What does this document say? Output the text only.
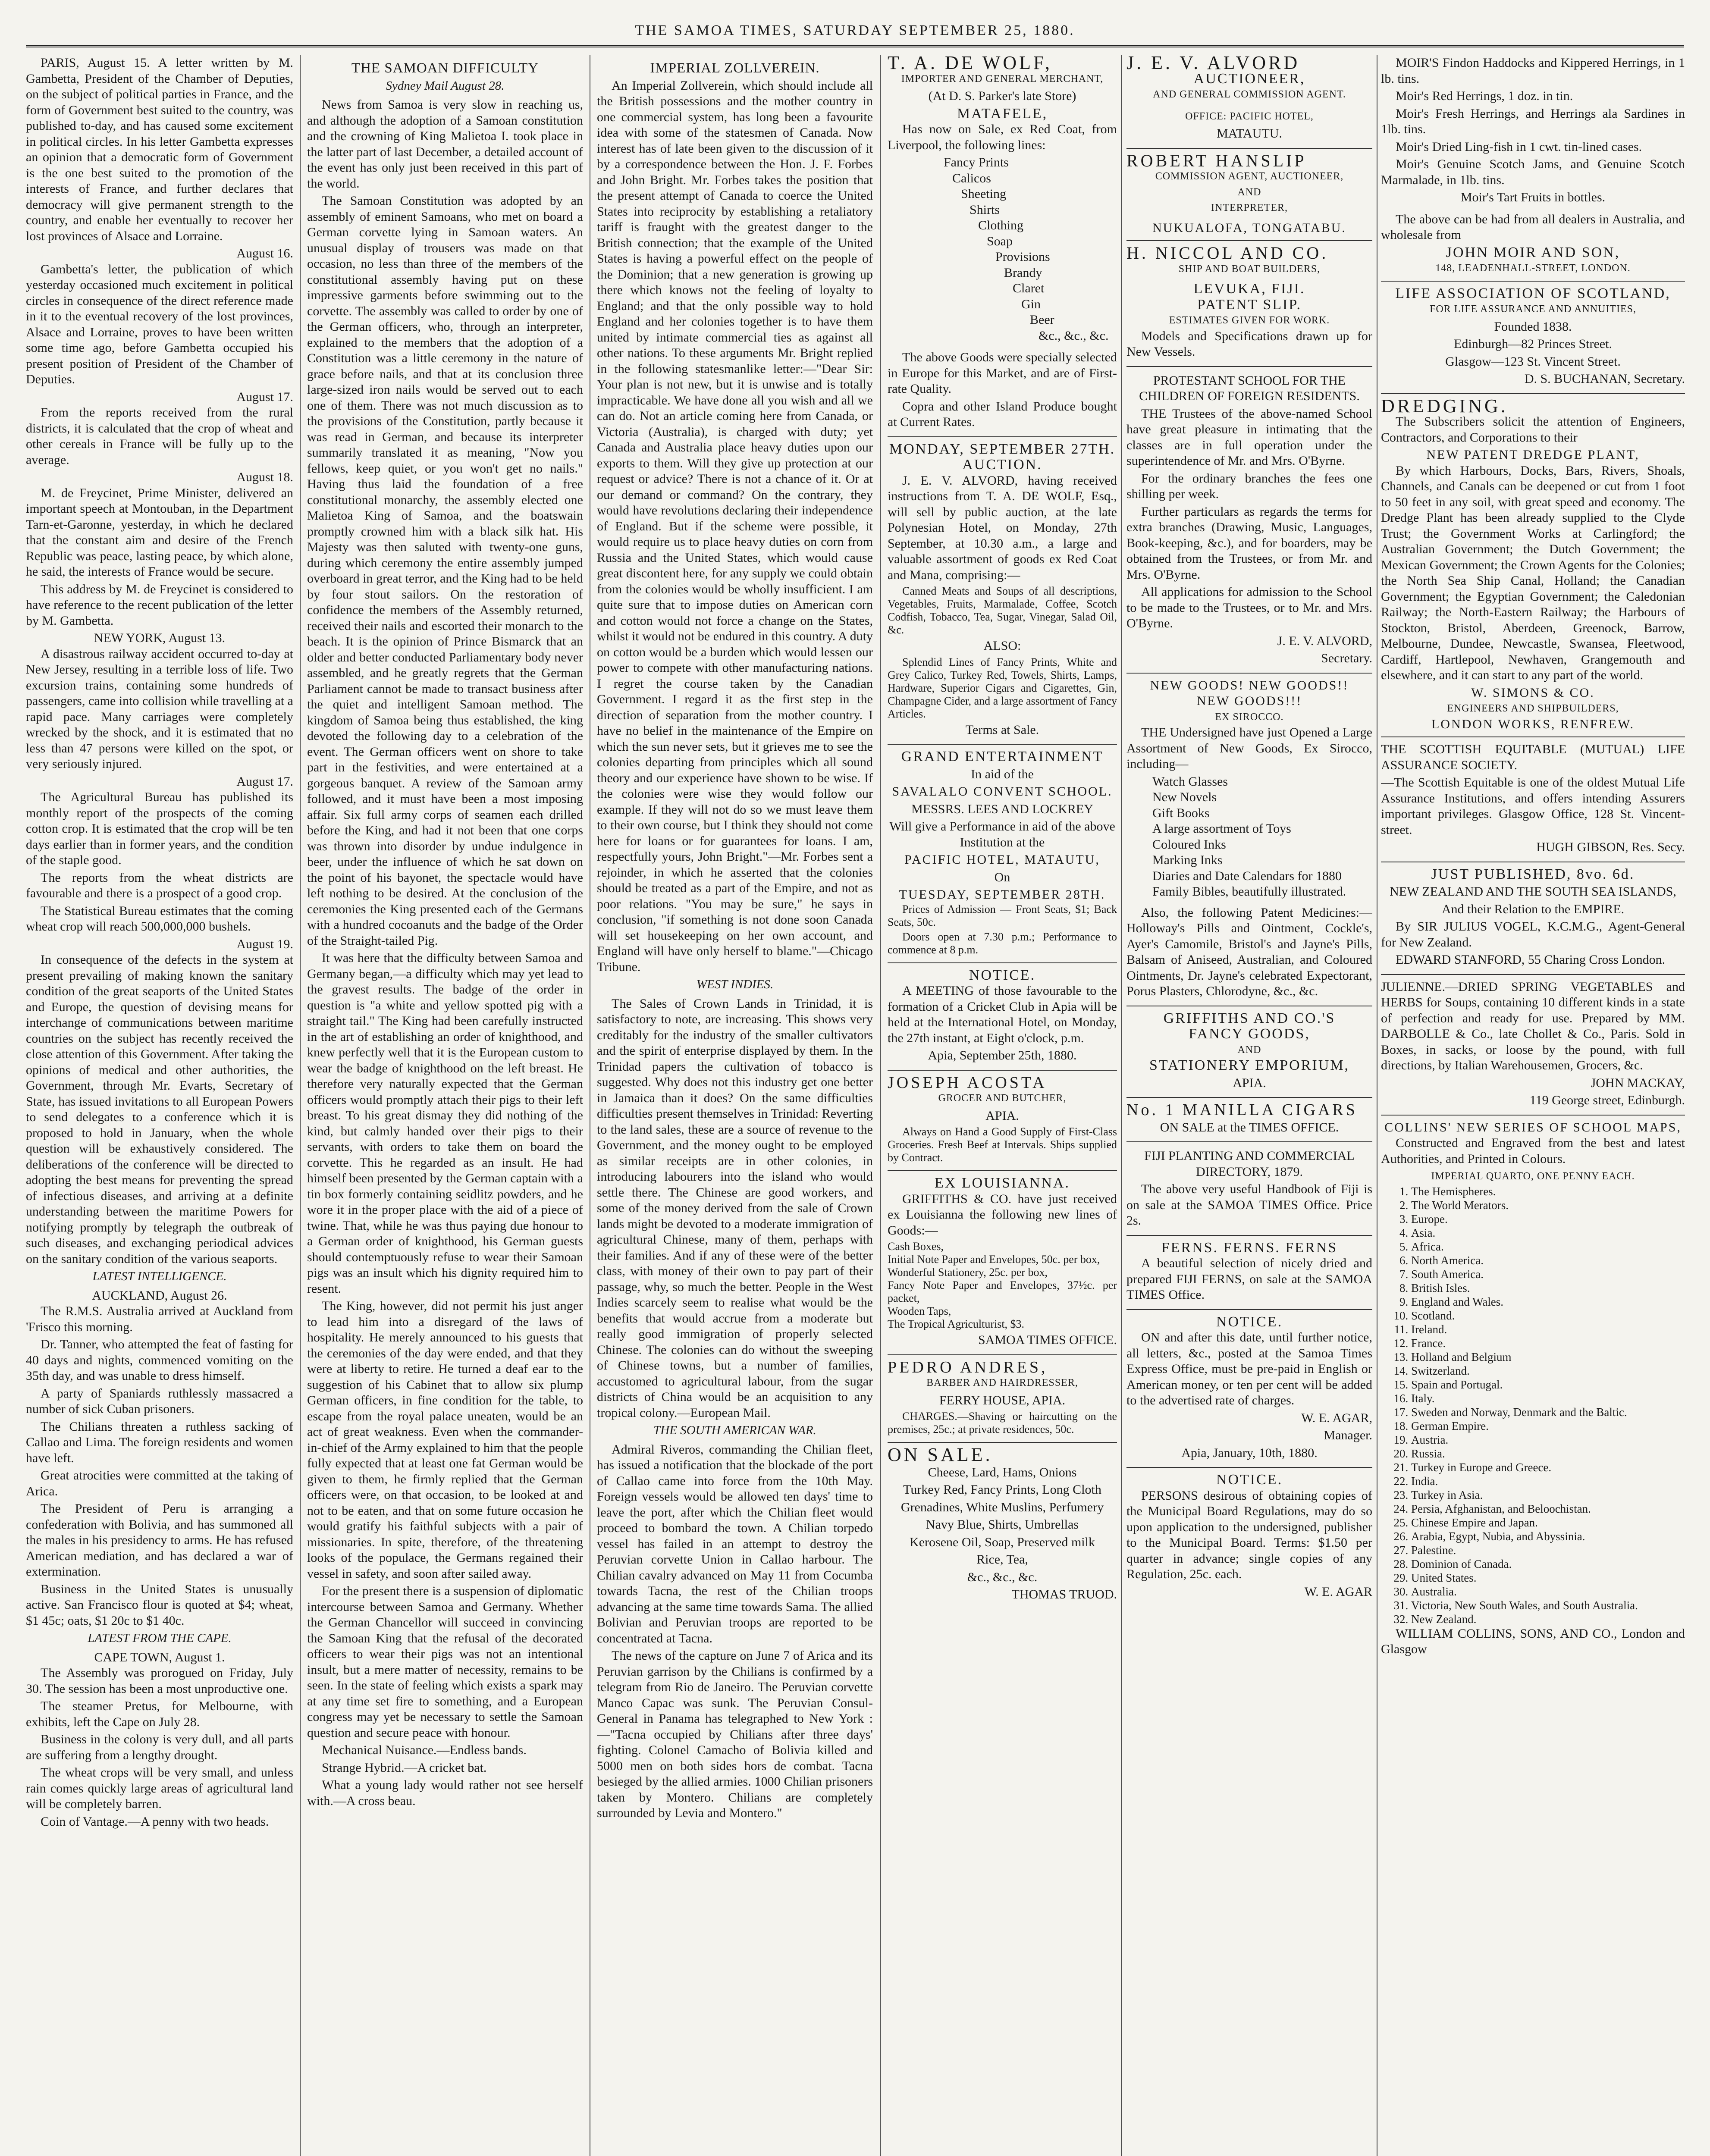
THE SAMOA TIMES, SATURDAY SEPTEMBER 25, 1880.

PARIS, August 15. A letter written by M. Gambetta, President of the Chamber of Deputies, on the subject of political parties in France, and the form of Government best suited to the country, was published to-day, and has caused some excitement in political circles. In his letter Gambetta expresses an opinion that a democratic form of Government is the one best suited to the promotion of the interests of France, and further declares that democracy will give permanent strength to the country, and enable her eventually to recover her lost provinces of Alsace and Lorraine.

August 16.

Gambetta's letter, the publication of which yesterday occasioned much excitement in political circles in consequence of the direct reference made in it to the eventual recovery of the lost provinces, Alsace and Lorraine, proves to have been written some time ago, before Gambetta occupied his present position of President of the Chamber of Deputies.

August 17.

From the reports received from the rural districts, it is calculated that the crop of wheat and other cereals in France will be fully up to the average.

August 18.

M. de Freycinet, Prime Minister, delivered an important speech at Montouban, in the Department Tarn-et-Garonne, yesterday, in which he declared that the constant aim and desire of the French Republic was peace, lasting peace, by which alone, he said, the interests of France would be secure.

This address by M. de Freycinet is considered to have reference to the recent publication of the letter by M. Gambetta.

NEW YORK, August 13.

A disastrous railway accident occurred to-day at New Jersey, resulting in a terrible loss of life. Two excursion trains, containing some hundreds of passengers, came into collision while travelling at a rapid pace. Many carriages were completely wrecked by the shock, and it is estimated that no less than 47 persons were killed on the spot, or very seriously injured.

August 17.

The Agricultural Bureau has published its monthly report of the prospects of the coming cotton crop. It is estimated that the crop will be ten days earlier than in former years, and the condition of the staple good.

The reports from the wheat districts are favourable and there is a prospect of a good crop.

The Statistical Bureau estimates that the coming wheat crop will reach 500,000,000 bushels.

August 19.

In consequence of the defects in the system at present prevailing of making known the sanitary condition of the great seaports of the United States and Europe, the question of devising means for interchange of communications between maritime countries on the subject has recently received the close attention of this Government. After taking the opinions of medical and other authorities, the Government, through Mr. Evarts, Secretary of State, has issued invitations to all European Powers to send delegates to a conference which it is proposed to hold in January, when the whole question will be exhaustively considered. The deliberations of the conference will be directed to adopting the best means for preventing the spread of infectious diseases, and arriving at a definite understanding between the maritime Powers for notifying promptly by telegraph the outbreak of such diseases, and exchanging periodical advices on the sanitary condition of the various seaports.

LATEST INTELLIGENCE.

AUCKLAND, August 26.

The R.M.S. Australia arrived at Auckland from 'Frisco this morning.

Dr. Tanner, who attempted the feat of fasting for 40 days and nights, commenced vomiting on the 35th day, and was unable to dress himself.

A party of Spaniards ruthlessly massacred a number of sick Cuban prisoners.

The Chilians threaten a ruthless sacking of Callao and Lima. The foreign residents and women have left.

Great atrocities were committed at the taking of Arica.

The President of Peru is arranging a confederation with Bolivia, and has summoned all the males in his presidency to arms. He has refused American mediation, and has declared a war of extermination.

Business in the United States is unusually active. San Francisco flour is quoted at $4; wheat, $1 45c; oats, $1 20c to $1 40c.

LATEST FROM THE CAPE.

CAPE TOWN, August 1.

The Assembly was prorogued on Friday, July 30. The session has been a most unproductive one.

The steamer Pretus, for Melbourne, with exhibits, left the Cape on July 28.

Business in the colony is very dull, and all parts are suffering from a lengthy drought.

The wheat crops will be very small, and unless rain comes quickly large areas of agricultural land will be completely barren.

Coin of Vantage.—A penny with two heads.

THE SAMOAN DIFFICULTY
Sydney Mail August 28.

News from Samoa is very slow in reaching us, and although the adoption of a Samoan constitution and the crowning of King Malietoa I. took place in the latter part of last December, a detailed account of the event has only just been received in this part of the world.

The Samoan Constitution was adopted by an assembly of eminent Samoans, who met on board a German corvette lying in Samoan waters. An unusual display of trousers was made on that occasion, no less than three of the members of the constitutional assembly having put on these impressive garments before swimming out to the corvette. The assembly was called to order by one of the German officers, who, through an interpreter, explained to the members that the adoption of a Constitution was a little ceremony in the nature of grace before nails, and that at its conclusion three large-sized iron nails would be served out to each one of them. There was not much discussion as to the provisions of the Constitution, partly because it was read in German, and because its interpreter summarily translated it as meaning, "Now you fellows, keep quiet, or you won't get no nails." Having thus laid the foundation of a free constitutional monarchy, the assembly elected one Malietoa King of Samoa, and the boatswain promptly crowned him with a black silk hat. His Majesty was then saluted with twenty-one guns, during which ceremony the entire assembly jumped overboard in great terror, and the King had to be held by four stout sailors. On the restoration of confidence the members of the Assembly returned, received their nails and escorted their monarch to the beach. It is the opinion of Prince Bismarck that an older and better conducted Parliamentary body never assembled, and he greatly regrets that the German Parliament cannot be made to transact business after the quiet and intelligent Samoan method. The kingdom of Samoa being thus established, the king devoted the following day to a celebration of the event. The German officers went on shore to take part in the festivities, and were entertained at a gorgeous banquet. A review of the Samoan army followed, and it must have been a most imposing affair. Six full army corps of seamen each drilled before the King, and had it not been that one corps was thrown into disorder by undue indulgence in beer, under the influence of which he sat down on the point of his bayonet, the spectacle would have left nothing to be desired. At the conclusion of the ceremonies the King presented each of the Germans with a hundred cocoanuts and the badge of the Order of the Straight-tailed Pig.

It was here that the difficulty between Samoa and Germany began,—a difficulty which may yet lead to the gravest results. The badge of the order in question is "a white and yellow spotted pig with a straight tail." The King had been carefully instructed in the art of establishing an order of knighthood, and knew perfectly well that it is the European custom to wear the badge of knighthood on the left breast. He therefore very naturally expected that the German officers would promptly attach their pigs to their left breast. To his great dismay they did nothing of the kind, but calmly handed over their pigs to their servants, with orders to take them on board the corvette. This he regarded as an insult. He had himself been presented by the German captain with a tin box formerly containing seidlitz powders, and he wore it in the proper place with the aid of a piece of twine. That, while he was thus paying due honour to a German order of knighthood, his German guests should contemptuously refuse to wear their Samoan pigs was an insult which his dignity required him to resent.

The King, however, did not permit his just anger to lead him into a disregard of the laws of hospitality. He merely announced to his guests that the ceremonies of the day were ended, and that they were at liberty to retire. He turned a deaf ear to the suggestion of his Cabinet that to allow six plump German officers, in fine condition for the table, to escape from the royal palace uneaten, would be an act of great weakness. Even when the commander-in-chief of the Army explained to him that the people fully expected that at least one fat German would be given to them, he firmly replied that the German officers were, on that occasion, to be looked at and not to be eaten, and that on some future occasion he would gratify his faithful subjects with a pair of missionaries. In spite, therefore, of the threatening looks of the populace, the Germans regained their vessel in safety, and soon after sailed away.

For the present there is a suspension of diplomatic intercourse between Samoa and Germany. Whether the German Chancellor will succeed in convincing the Samoan King that the refusal of the decorated officers to wear their pigs was not an intentional insult, but a mere matter of necessity, remains to be seen. In the state of feeling which exists a spark may at any time set fire to something, and a European congress may yet be necessary to settle the Samoan question and secure peace with honour.

Mechanical Nuisance.—Endless bands.

Strange Hybrid.—A cricket bat.

What a young lady would rather not see herself with.—A cross beau.

IMPERIAL ZOLLVEREIN.

An Imperial Zollverein, which should include all the British possessions and the mother country in one commercial system, has long been a favourite idea with some of the statesmen of Canada. Now interest has of late been given to the discussion of it by a correspondence between the Hon. J. F. Forbes and John Bright. Mr. Forbes takes the position that the present attempt of Canada to coerce the United States into reciprocity by establishing a retaliatory tariff is fraught with the greatest danger to the British connection; that the example of the United States is having a powerful effect on the people of the Dominion; that a new generation is growing up there which knows not the feeling of loyalty to England; and that the only possible way to hold England and her colonies together is to have them united by intimate commercial ties as against all other nations. To these arguments Mr. Bright replied in the following statesmanlike letter:—"Dear Sir: Your plan is not new, but it is unwise and is totally impracticable. We have done all you wish and all we can do. Not an article coming here from Canada, or Victoria (Australia), is charged with duty; yet Canada and Australia place heavy duties upon our exports to them. Will they give up protection at our request or advice? There is not a chance of it. Or at our demand or command? On the contrary, they would have revolutions declaring their independence of England. But if the scheme were possible, it would require us to place heavy duties on corn from Russia and the United States, which would cause great discontent here, for any supply we could obtain from the colonies would be wholly insufficient. I am quite sure that to impose duties on American corn and cotton would not force a change on the States, whilst it would not be endured in this country. A duty on cotton would be a burden which would lessen our power to compete with other manufacturing nations. I regret the course taken by the Canadian Government. I regard it as the first step in the direction of separation from the mother country. I have no belief in the maintenance of the Empire on which the sun never sets, but it grieves me to see the colonies departing from principles which all sound theory and our experience have shown to be wise. If the colonies were wise they would follow our example. If they will not do so we must leave them to their own course, but I think they should not come here for loans or for guarantees for loans. I am, respectfully yours, John Bright."—Mr. Forbes sent a rejoinder, in which he asserted that the colonies should be treated as a part of the Empire, and not as poor relations. "You may be sure," he says in conclusion, "if something is not done soon Canada will set housekeeping on her own account, and England will have only herself to blame."—Chicago Tribune.

WEST INDIES.

The Sales of Crown Lands in Trinidad, it is satisfactory to note, are increasing. This shows very creditably for the industry of the smaller cultivators and the spirit of enterprise displayed by them. In the Trinidad papers the cultivation of tobacco is suggested. Why does not this industry get one better in Jamaica than it does? On the same difficulties difficulties present themselves in Trinidad: Reverting to the land sales, these are a source of revenue to the Government, and the money ought to be employed as similar receipts are in other colonies, in introducing labourers into the island who would settle there. The Chinese are good workers, and some of the money derived from the sale of Crown lands might be devoted to a moderate immigration of agricultural Chinese, many of them, perhaps with their families. And if any of these were of the better class, with money of their own to pay part of their passage, why, so much the better. People in the West Indies scarcely seem to realise what would be the benefits that would accrue from a moderate but really good immigration of properly selected Chinese. The colonies can do without the sweeping of Chinese towns, but a number of families, accustomed to agricultural labour, from the sugar districts of China would be an acquisition to any tropical colony.—European Mail.

THE SOUTH AMERICAN WAR.

Admiral Riveros, commanding the Chilian fleet, has issued a notification that the blockade of the port of Callao came into force from the 10th May. Foreign vessels would be allowed ten days' time to leave the port, after which the Chilian fleet would proceed to bombard the town. A Chilian torpedo vessel has failed in an attempt to destroy the Peruvian corvette Union in Callao harbour. The Chilian cavalry advanced on May 11 from Cocumba towards Tacna, the rest of the Chilian troops advancing at the same time towards Sama. The allied Bolivian and Peruvian troops are reported to be concentrated at Tacna.

The news of the capture on June 7 of Arica and its Peruvian garrison by the Chilians is confirmed by a telegram from Rio de Janeiro. The Peruvian corvette Manco Capac was sunk. The Peruvian Consul-General in Panama has telegraphed to New York :—"Tacna occupied by Chilians after three days' fighting. Colonel Camacho of Bolivia killed and 5000 men on both sides hors de combat. Tacna besieged by the allied armies. 1000 Chilian prisoners taken by Montero. Chilians are completely surrounded by Levia and Montero."

T. A. DE WOLF,
IMPORTER AND GENERAL MERCHANT,
(At D. S. Parker's late Store)
MATAFELE,

Has now on Sale, ex Red Coat, from Liverpool, the following lines:

Fancy Prints
Calicos
Sheeting
Shirts
Clothing
Soap
Provisions
Brandy
Claret
Gin
Beer
&c., &c., &c.

The above Goods were specially selected in Europe for this Market, and are of First-rate Quality.

Copra and other Island Produce bought at Current Rates.

MONDAY, SEPTEMBER 27TH.
AUCTION.

J. E. V. ALVORD, having received instructions from T. A. DE WOLF, Esq., will sell by public auction, at the late Polynesian Hotel, on Monday, 27th September, at 10.30 a.m., a large and valuable assortment of goods ex Red Coat and Mana, comprising:—

Canned Meats and Soups of all descriptions, Vegetables, Fruits, Marmalade, Coffee, Scotch Codfish, Tobacco, Tea, Sugar, Vinegar, Salad Oil, &c.

ALSO:

Splendid Lines of Fancy Prints, White and Grey Calico, Turkey Red, Towels, Shirts, Lamps, Hardware, Superior Cigars and Cigarettes, Gin, Champagne Cider, and a large assortment of Fancy Articles.

Terms at Sale.
GRAND ENTERTAINMENT
In aid of the
SAVALALO CONVENT SCHOOL.
MESSRS. LEES AND LOCKREY
Will give a Performance in aid of the above Institution at the
PACIFIC HOTEL, MATAUTU,
On
TUESDAY, SEPTEMBER 28TH.

Prices of Admission — Front Seats, $1; Back Seats, 50c.

Doors open at 7.30 p.m.; Performance to commence at 8 p.m.

NOTICE.

A MEETING of those favourable to the formation of a Cricket Club in Apia will be held at the International Hotel, on Monday, the 27th instant, at Eight o'clock, p.m.

Apia, September 25th, 1880.
JOSEPH ACOSTA
GROCER AND BUTCHER,
APIA.

Always on Hand a Good Supply of First-Class Groceries. Fresh Beef at Intervals. Ships supplied by Contract.

EX LOUISIANNA.

GRIFFITHS & CO. have just received ex Louisianna the following new lines of Goods:—

Cash Boxes,
Initial Note Paper and Envelopes, 50c. per box,
Wonderful Stationery, 25c. per box,
Fancy Note Paper and Envelopes, 37½c. per packet,
Wooden Taps,
The Tropical Agriculturist, $3.
SAMOA TIMES OFFICE.
PEDRO ANDRES,
BARBER AND HAIRDRESSER,
FERRY HOUSE, APIA.

CHARGES.—Shaving or haircutting on the premises, 25c.; at private residences, 50c.

ON SALE.
Cheese, Lard, Hams, Onions
Turkey Red, Fancy Prints, Long Cloth
Grenadines, White Muslins, Perfumery
Navy Blue, Shirts, Umbrellas
Kerosene Oil, Soap, Preserved milk
Rice, Tea,
&c., &c., &c.
THOMAS TRUOD.
J. E. V. ALVORD
AUCTIONEER,
AND GENERAL COMMISSION AGENT.
OFFICE: PACIFIC HOTEL,
MATAUTU.
ROBERT HANSLIP
COMMISSION AGENT, AUCTIONEER,
AND
INTERPRETER,
NUKUALOFA, TONGATABU.
H. NICCOL AND CO.
SHIP AND BOAT BUILDERS,
LEVUKA, FIJI.
PATENT SLIP.
ESTIMATES GIVEN FOR WORK.

Models and Specifications drawn up for New Vessels.

PROTESTANT SCHOOL FOR THE CHILDREN OF FOREIGN RESIDENTS.

THE Trustees of the above-named School have great pleasure in intimating that the classes are in full operation under the superintendence of Mr. and Mrs. O'Byrne.

For the ordinary branches the fees one shilling per week.

Further particulars as regards the terms for extra branches (Drawing, Music, Languages, Book-keeping, &c.), and for boarders, may be obtained from the Trustees, or from Mr. and Mrs. O'Byrne.

All applications for admission to the School to be made to the Trustees, or to Mr. and Mrs. O'Byrne.

J. E. V. ALVORD,
Secretary.
NEW GOODS! NEW GOODS!!
NEW GOODS!!!
EX SIROCCO.

THE Undersigned have just Opened a Large Assortment of New Goods, Ex Sirocco, including—

Watch Glasses
New Novels
Gift Books
A large assortment of Toys
Coloured Inks
Marking Inks
Diaries and Date Calendars for 1880
Family Bibles, beautifully illustrated.

Also, the following Patent Medicines:—Holloway's Pills and Ointment, Cockle's, Ayer's Camomile, Bristol's and Jayne's Pills, Balsam of Aniseed, Australian, and Coloured Ointments, Dr. Jayne's celebrated Expectorant, Porus Plasters, Chlorodyne, &c., &c.

GRIFFITHS AND CO.'S
FANCY GOODS,
AND
STATIONERY EMPORIUM,
APIA.
No. 1 MANILLA CIGARS
ON SALE at the TIMES OFFICE.
FIJI PLANTING AND COMMERCIAL DIRECTORY, 1879.

The above very useful Handbook of Fiji is on sale at the SAMOA TIMES Office. Price 2s.

FERNS. FERNS. FERNS

A beautiful selection of nicely dried and prepared FIJI FERNS, on sale at the SAMOA TIMES Office.

NOTICE.

ON and after this date, until further notice, all letters, &c., posted at the Samoa Times Express Office, must be pre-paid in English or American money, or ten per cent will be added to the advertised rate of charges.

W. E. AGAR,
Manager.
Apia, January, 10th, 1880.
NOTICE.

PERSONS desirous of obtaining copies of the Municipal Board Regulations, may do so upon application to the undersigned, publisher to the Municipal Board. Terms: $1.50 per quarter in advance; single copies of any Regulation, 25c. each.

W. E. AGAR

MOIR'S Findon Haddocks and Kippered Herrings, in 1 lb. tins.

Moir's Red Herrings, 1 doz. in tin.

Moir's Fresh Herrings, and Herrings ala Sardines in 1lb. tins.

Moir's Dried Ling-fish in 1 cwt. tin-lined cases.

Moir's Genuine Scotch Jams, and Genuine Scotch Marmalade, in 1lb. tins.

Moir's Tart Fruits in bottles.

The above can be had from all dealers in Australia, and wholesale from

JOHN MOIR AND SON,
148, LEADENHALL-STREET, LONDON.
LIFE ASSOCIATION OF SCOTLAND,
FOR LIFE ASSURANCE AND ANNUITIES,
Founded 1838.
Edinburgh—82 Princes Street.
Glasgow—123 St. Vincent Street.
D. S. BUCHANAN, Secretary.
DREDGING.

The Subscribers solicit the attention of Engineers, Contractors, and Corporations to their

NEW PATENT DREDGE PLANT,

By which Harbours, Docks, Bars, Rivers, Shoals, Channels, and Canals can be deepened or cut from 1 foot to 50 feet in any soil, with great speed and economy. The Dredge Plant has been already supplied to the Clyde Trust; the Government Works at Carlingford; the Australian Government; the Dutch Government; the Mexican Government; the Crown Agents for the Colonies; the North Sea Ship Canal, Holland; the Canadian Government; the Egyptian Government; the Caledonian Railway; the North-Eastern Railway; the Harbours of Stockton, Bristol, Aberdeen, Greenock, Barrow, Melbourne, Dundee, Newcastle, Swansea, Fleetwood, Cardiff, Hartlepool, Newhaven, Grangemouth and elsewhere, and it can start to any part of the world.

W. SIMONS & CO.
ENGINEERS AND SHIPBUILDERS,
LONDON WORKS, RENFREW.

THE SCOTTISH EQUITABLE (MUTUAL) LIFE ASSURANCE SOCIETY.

—The Scottish Equitable is one of the oldest Mutual Life Assurance Institutions, and offers intending Assurers important privileges. Glasgow Office, 128 St. Vincent-street.

HUGH GIBSON, Res. Secy.
JUST PUBLISHED, 8vo. 6d.
NEW ZEALAND AND THE SOUTH SEA ISLANDS,
And their Relation to the EMPIRE.

By SIR JULIUS VOGEL, K.C.M.G., Agent-General for New Zealand.

EDWARD STANFORD, 55 Charing Cross London.

JULIENNE.—DRIED SPRING VEGETABLES and HERBS for Soups, containing 10 different kinds in a state of perfection and ready for use. Prepared by MM. DARBOLLE & Co., late Chollet & Co., Paris. Sold in Boxes, in sacks, or loose by the pound, with full directions, by Italian Warehousemen, Grocers, &c.

JOHN MACKAY,
119 George street, Edinburgh.
COLLINS' NEW SERIES OF SCHOOL MAPS,

Constructed and Engraved from the best and latest Authorities, and Printed in Colours.

IMPERIAL QUARTO, ONE PENNY EACH.
1. The Hemispheres.
2. The World Merators.
3. Europe.
4. Asia.
5. Africa.
6. North America.
7. South America.
8. British Isles.
9. England and Wales.
10. Scotland.
11. Ireland.
12. France.
13. Holland and Belgium
14. Switzerland.
15. Spain and Portugal.
16. Italy.
17. Sweden and Norway, Denmark and the Baltic.
18. German Empire.
19. Austria.
20. Russia.
21. Turkey in Europe and Greece.
22. India.
23. Turkey in Asia.
24. Persia, Afghanistan, and Beloochistan.
25. Chinese Empire and Japan.
26. Arabia, Egypt, Nubia, and Abyssinia.
27. Palestine.
28. Dominion of Canada.
29. United States.
30. Australia.
31. Victoria, New South Wales, and South Australia.
32. New Zealand.

WILLIAM COLLINS, SONS, AND CO., London and Glasgow
